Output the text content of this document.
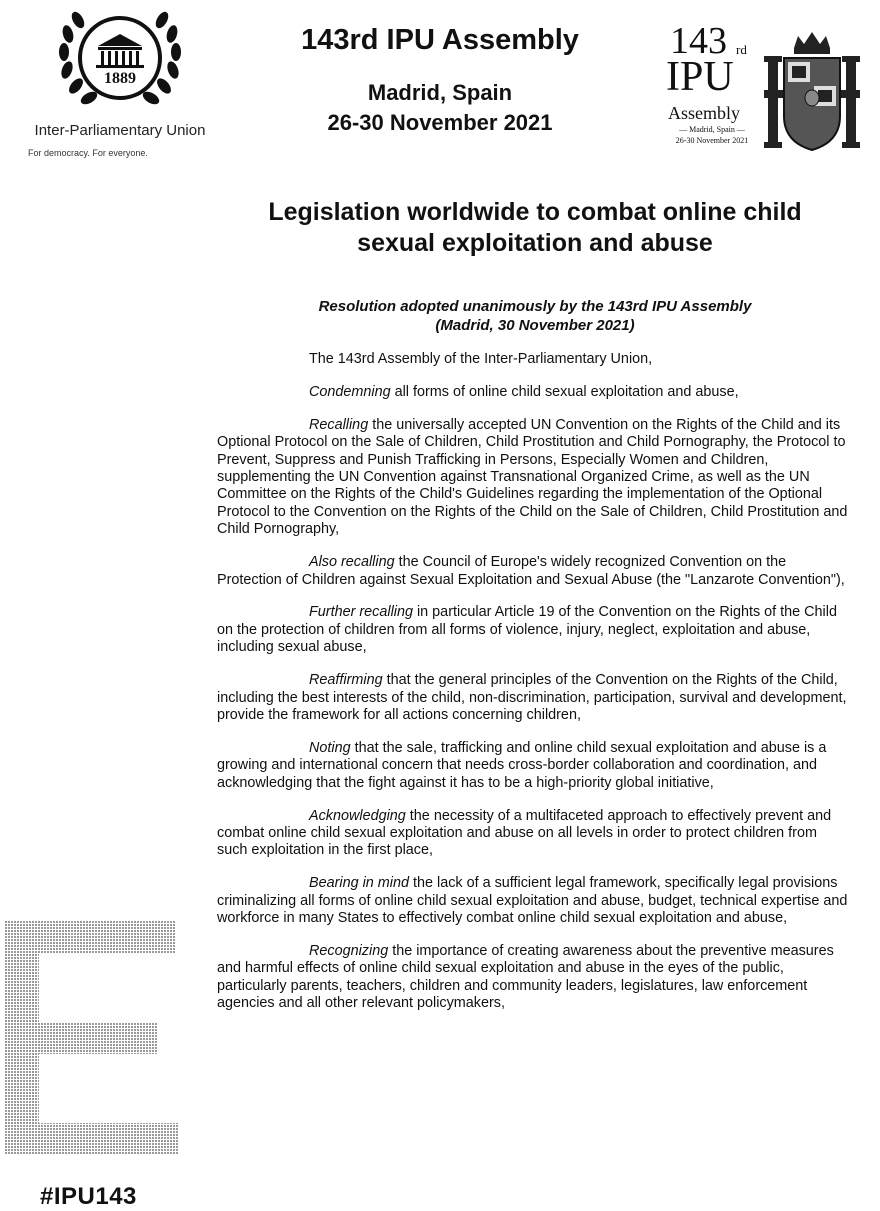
1889
Inter-Parliamentary Union
For democracy. For everyone.
143rd IPU Assembly
Madrid, Spain
26-30 November 2021
143 rd
IPU
Assembly
— Madrid, Spain —
26-30 November 2021
Legislation worldwide to combat online child
sexual exploitation and abuse
Resolution adopted unanimously by the 143rd IPU Assembly
(Madrid, 30 November 2021)

The 143rd Assembly of the Inter-Parliamentary Union,

Condemning all forms of online child sexual exploitation and abuse,

Recalling the universally accepted UN Convention on the Rights of the Child and its Optional Protocol on the Sale of Children, Child Prostitution and Child Pornography, the Protocol to Prevent, Suppress and Punish Trafficking in Persons, Especially Women and Children, supplementing the UN Convention against Transnational Organized Crime, as well as the UN Committee on the Rights of the Child's Guidelines regarding the implementation of the Optional Protocol to the Convention on the Rights of the Child on the Sale of Children, Child Prostitution and Child Pornography,

Also recalling the Council of Europe's widely recognized Convention on the Protection of Children against Sexual Exploitation and Sexual Abuse (the "Lanzarote Convention"),

Further recalling in particular Article 19 of the Convention on the Rights of the Child on the protection of children from all forms of violence, injury, neglect, exploitation and abuse, including sexual abuse,

Reaffirming that the general principles of the Convention on the Rights of the Child, including the best interests of the child, non-discrimination, participation, survival and development, provide the framework for all actions concerning children,

Noting that the sale, trafficking and online child sexual exploitation and abuse is a growing and international concern that needs cross-border collaboration and coordination, and acknowledging that the fight against it has to be a high-priority global initiative,

Acknowledging the necessity of a multifaceted approach to effectively prevent and combat online child sexual exploitation and abuse on all levels in order to protect children from such exploitation in the first place,

Bearing in mind the lack of a sufficient legal framework, specifically legal provisions criminalizing all forms of online child sexual exploitation and abuse, budget, technical expertise and workforce in many States to effectively combat online child sexual exploitation and abuse,

Recognizing the importance of creating awareness about the preventive measures and harmful effects of online child sexual exploitation and abuse in the eyes of the public, particularly parents, teachers, children and community leaders, legislatures, law enforcement agencies and all other relevant policymakers,

#IPU143
